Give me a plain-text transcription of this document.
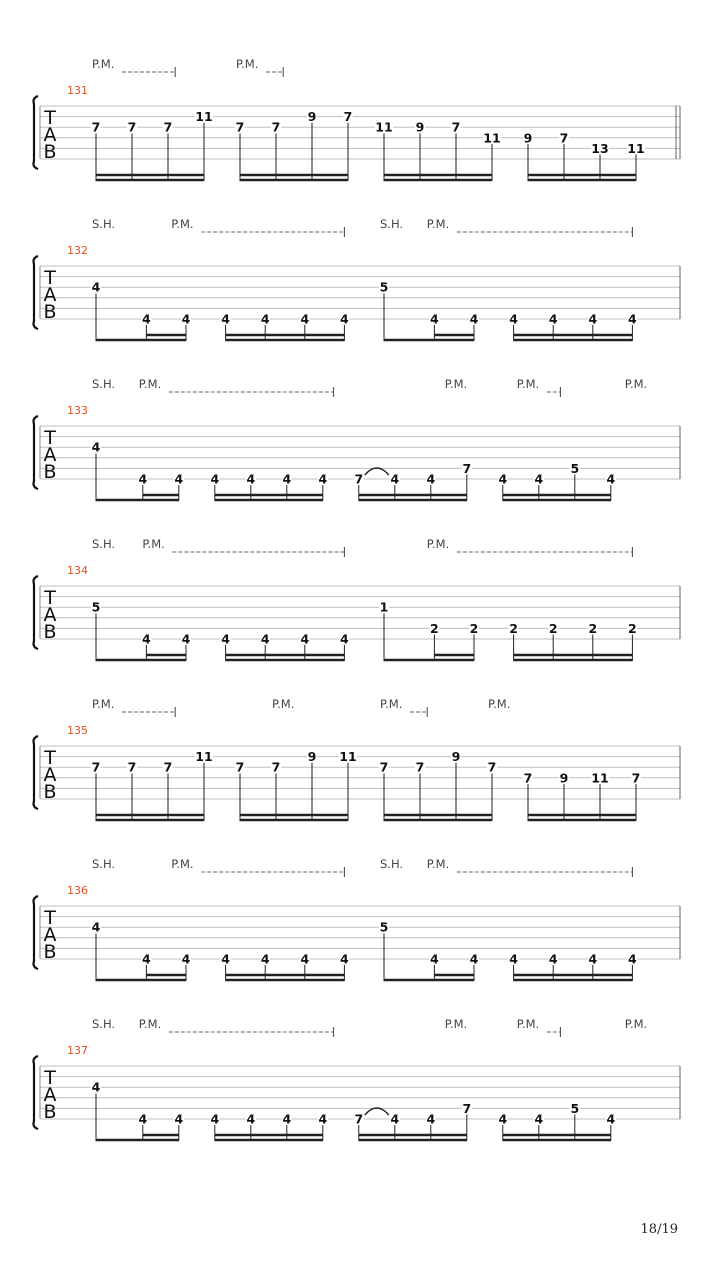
T
A
B
131
P.M.	P.M.
7 7 7
11
7 7
9 7
11 9 7
11 9 7
13 11
T
A
B
132
S.H.	P.M.	S.H. P.M.
4
4 4 4 4 4 4
5
4 4 4 4 4 4
T
A
B
133
S.H. P.M.	P.M.	P.M.	P.M.
4
4 4 4 4 4 4 7 4 4
7
4 4
5
4
T
A
B
134
S.H. P.M.	P.M.
5
4 4 4 4 4 4
1
2 2 2 2 2 2
T
A
B
135
P.M.	P.M.	P.M.	P.M.
7 7 7
11
7 7
9 11
7 7
9
7
7 9 11 7
T
A
B
136
S.H.	P.M.	S.H. P.M.
4
4 4 4 4 4 4
5
4 4 4 4 4 4
T
A
B
137
S.H. P.M.	P.M.	P.M.	P.M.
4
4 4 4 4 4 4 7 4 4
7
4 4
5
4
18/19
